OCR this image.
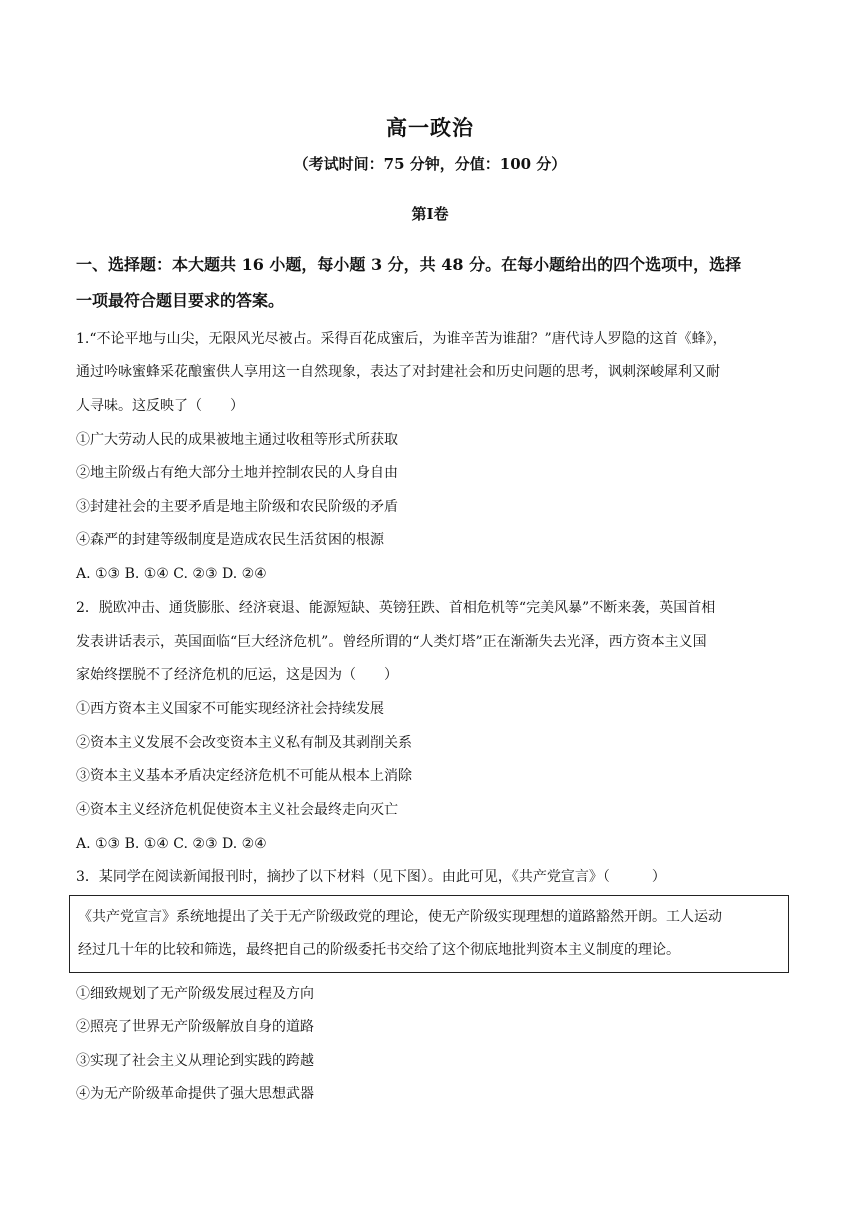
高一政治
（考试时间：75 分钟，分值：100 分）
第Ⅰ卷
一、选择题：本大题共 16 小题，每小题 3 分，共 48 分。在每小题给出的四个选项中，选择
一项最符合题目要求的答案。
1.“不论平地与山尖，无限风光尽被占。采得百花成蜜后，为谁辛苦为谁甜？”唐代诗人罗隐的这首《蜂》，
通过吟咏蜜蜂采花酿蜜供人享用这一自然现象，表达了对封建社会和历史问题的思考，讽刺深峻犀利又耐
人寻味。这反映了（　　）
①广大劳动人民的成果被地主通过收租等形式所获取
②地主阶级占有绝大部分土地并控制农民的人身自由
③封建社会的主要矛盾是地主阶级和农民阶级的矛盾
④森严的封建等级制度是造成农民生活贫困的根源
A. ①③ B. ①④ C. ②③ D. ②④
2．脱欧冲击、通货膨胀、经济衰退、能源短缺、英镑狂跌、首相危机等“完美风暴”不断来袭，英国首相
发表讲话表示，英国面临“巨大经济危机”。曾经所谓的“人类灯塔”正在渐渐失去光泽，西方资本主义国
家始终摆脱不了经济危机的厄运，这是因为（　　）
①西方资本主义国家不可能实现经济社会持续发展
②资本主义发展不会改变资本主义私有制及其剥削关系
③资本主义基本矛盾决定经济危机不可能从根本上消除
④资本主义经济危机促使资本主义社会最终走向灭亡
A. ①③ B. ①④ C. ②③ D. ②④
3．某同学在阅读新闻报刊时，摘抄了以下材料（见下图）。由此可见，《共产党宣言》（　　　）
《共产党宣言》系统地提出了关于无产阶级政党的理论，使无产阶级实现理想的道路豁然开朗。工人运动
经过几十年的比较和筛选，最终把自己的阶级委托书交给了这个彻底地批判资本主义制度的理论。
①细致规划了无产阶级发展过程及方向
②照亮了世界无产阶级解放自身的道路
③实现了社会主义从理论到实践的跨越
④为无产阶级革命提供了强大思想武器
